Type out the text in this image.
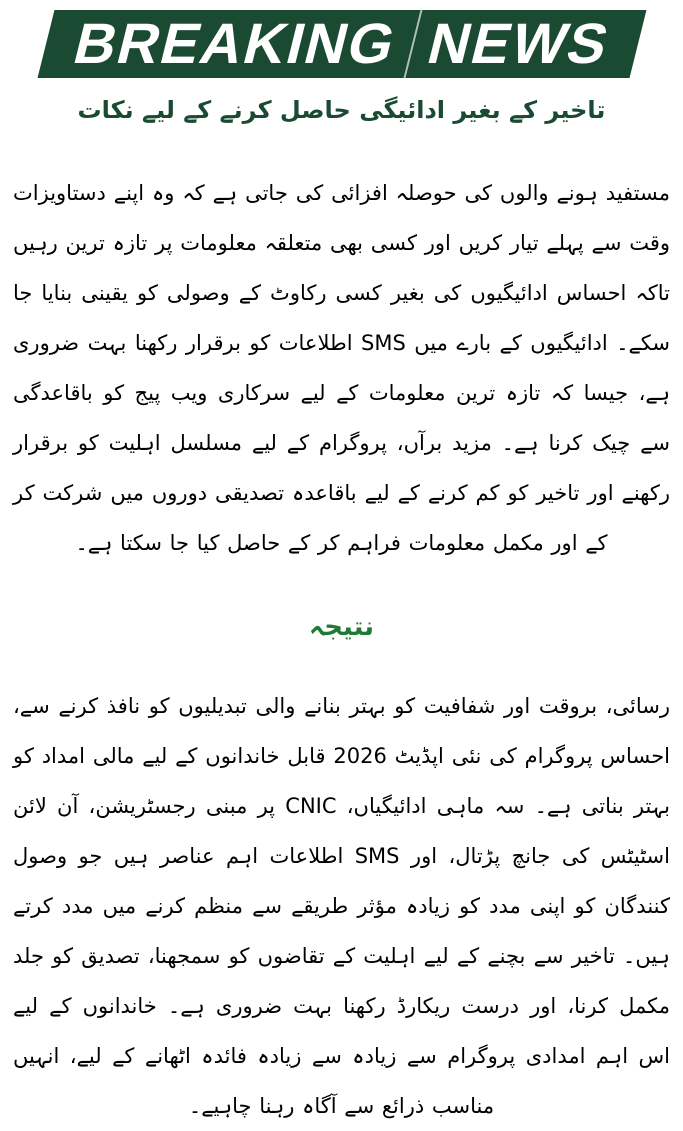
BREAKING NEWS
تاخیر کے بغیر ادائیگی حاصل کرنے کے لیے نکات

مستفید ہونے والوں کی حوصلہ افزائی کی جاتی ہے کہ وہ اپنے دستاویزات وقت سے پہلے تیار کریں اور کسی بھی متعلقہ معلومات پر تازہ ترین رہیں تاکہ احساس ادائیگیوں کی بغیر کسی رکاوٹ کے وصولی کو یقینی بنایا جا سکے۔ ادائیگیوں کے بارے میں SMS اطلاعات کو برقرار رکھنا بہت ضروری ہے، جیسا کہ تازہ ترین معلومات کے لیے سرکاری ویب پیج کو باقاعدگی سے چیک کرنا ہے۔ مزید برآں، پروگرام کے لیے مسلسل اہلیت کو برقرار رکھنے اور تاخیر کو کم کرنے کے لیے باقاعدہ تصدیقی دوروں میں شرکت کر کے اور مکمل معلومات فراہم کر کے حاصل کیا جا سکتا ہے۔

نتیجہ

رسائی، بروقت اور شفافیت کو بہتر بنانے والی تبدیلیوں کو نافذ کرنے سے، احساس پروگرام کی نئی اپڈیٹ 2026 قابل خاندانوں کے لیے مالی امداد کو بہتر بناتی ہے۔ سہ ماہی ادائیگیاں، CNIC پر مبنی رجسٹریشن، آن لائن اسٹیٹس کی جانچ پڑتال، اور SMS اطلاعات اہم عناصر ہیں جو وصول کنندگان کو اپنی مدد کو زیادہ مؤثر طریقے سے منظم کرنے میں مدد کرتے ہیں۔ تاخیر سے بچنے کے لیے اہلیت کے تقاضوں کو سمجھنا، تصدیق کو جلد مکمل کرنا، اور درست ریکارڈ رکھنا بہت ضروری ہے۔ خاندانوں کے لیے اس اہم امدادی پروگرام سے زیادہ سے زیادہ فائدہ اٹھانے کے لیے، انہیں مناسب ذرائع سے آگاہ رہنا چاہیے۔
